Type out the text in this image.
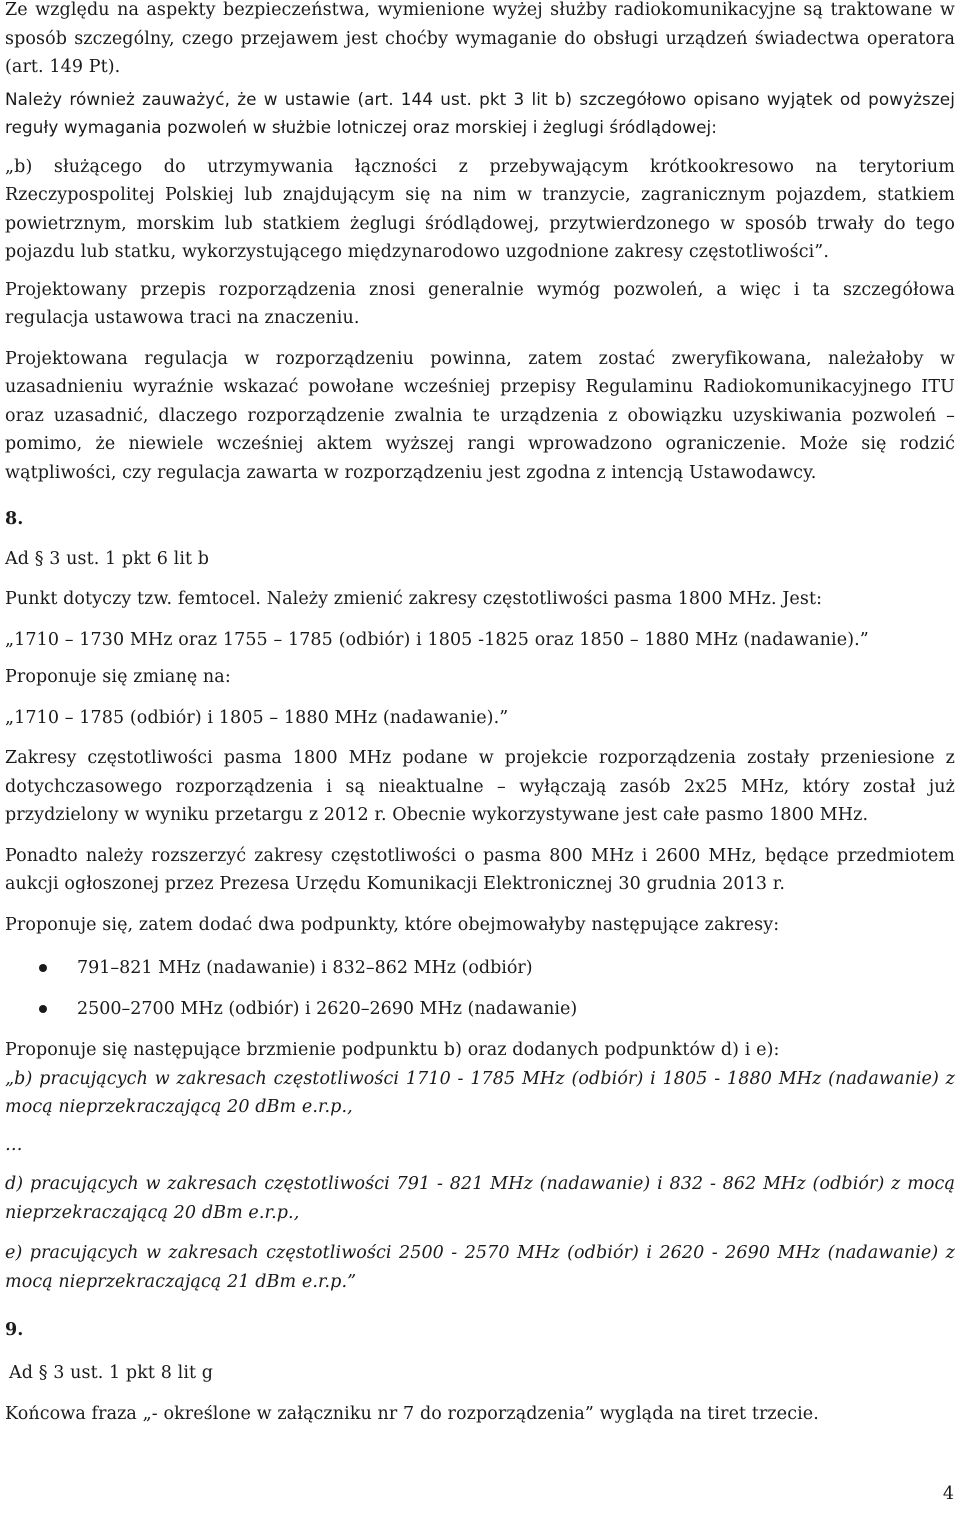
Ze względu na aspekty bezpieczeństwa, wymienione wyżej służby radiokomunikacyjne są traktowane w sposób szczególny, czego przejawem jest choćby wymaganie do obsługi urządzeń świadectwa operatora (art. 149 Pt).

Należy również zauważyć, że w ustawie (art. 144 ust. pkt 3 lit b) szczegółowo opisano wyjątek od powyższej reguły wymagania pozwoleń w służbie lotniczej oraz morskiej i żeglugi śródlądowej:

„b) służącego do utrzymywania łączności z przebywającym krótkookresowo na terytorium Rzeczypospolitej Polskiej lub znajdującym się na nim w tranzycie, zagranicznym pojazdem, statkiem powietrznym, morskim lub statkiem żeglugi śródlądowej, przytwierdzonego w sposób trwały do tego pojazdu lub statku, wykorzystującego międzynarodowo uzgodnione zakresy częstotliwości”.

Projektowany przepis rozporządzenia znosi generalnie wymóg pozwoleń, a więc i ta szczegółowa regulacja ustawowa traci na znaczeniu.

Projektowana regulacja w rozporządzeniu powinna, zatem zostać zweryfikowana, należałoby w uzasadnieniu wyraźnie wskazać powołane wcześniej przepisy Regulaminu Radiokomunikacyjnego ITU oraz uzasadnić, dlaczego rozporządzenie zwalnia te urządzenia z obowiązku uzyskiwania pozwoleń – pomimo, że niewiele wcześniej aktem wyższej rangi wprowadzono ograniczenie. Może się rodzić wątpliwości, czy regulacja zawarta w rozporządzeniu jest zgodna z intencją Ustawodawcy.

8.

Ad § 3 ust. 1 pkt 6 lit b

Punkt dotyczy tzw. femtocel. Należy zmienić zakresy częstotliwości pasma 1800 MHz. Jest:

„1710 – 1730 MHz oraz 1755 – 1785 (odbiór) i 1805 -1825 oraz 1850 – 1880 MHz (nadawanie).”

Proponuje się zmianę na:

„1710 – 1785 (odbiór) i 1805 – 1880 MHz (nadawanie).”

Zakresy częstotliwości pasma 1800 MHz podane w projekcie rozporządzenia zostały przeniesione z dotychczasowego rozporządzenia i są nieaktualne – wyłączają zasób 2x25 MHz, który został już przydzielony w wyniku przetargu z 2012 r. Obecnie wykorzystywane jest całe pasmo 1800 MHz.

Ponadto należy rozszerzyć zakresy częstotliwości o pasma 800 MHz i 2600 MHz, będące przedmiotem aukcji ogłoszonej przez Prezesa Urzędu Komunikacji Elektronicznej 30 grudnia 2013 r.

Proponuje się, zatem dodać dwa podpunkty, które obejmowałyby następujące zakresy:

791–821 MHz (nadawanie) i 832–862 MHz (odbiór)
2500–2700 MHz (odbiór) i 2620–2690 MHz (nadawanie)

Proponuje się następujące brzmienie podpunktu b) oraz dodanych podpunktów d) i e):

„b) pracujących w zakresach częstotliwości 1710 - 1785 MHz (odbiór) i 1805 - 1880 MHz (nadawanie) z mocą nieprzekraczającą 20 dBm e.r.p.,

…

d) pracujących w zakresach częstotliwości 791 - 821 MHz (nadawanie) i 832 - 862 MHz (odbiór) z mocą nieprzekraczającą 20 dBm e.r.p.,

e) pracujących w zakresach częstotliwości 2500 - 2570 MHz (odbiór) i 2620 - 2690 MHz (nadawanie) z mocą nieprzekraczającą 21 dBm e.r.p.”

9.

Ad § 3 ust. 1 pkt 8 lit g

Końcowa fraza „- określone w załączniku nr 7 do rozporządzenia” wygląda na tiret trzecie.

4
